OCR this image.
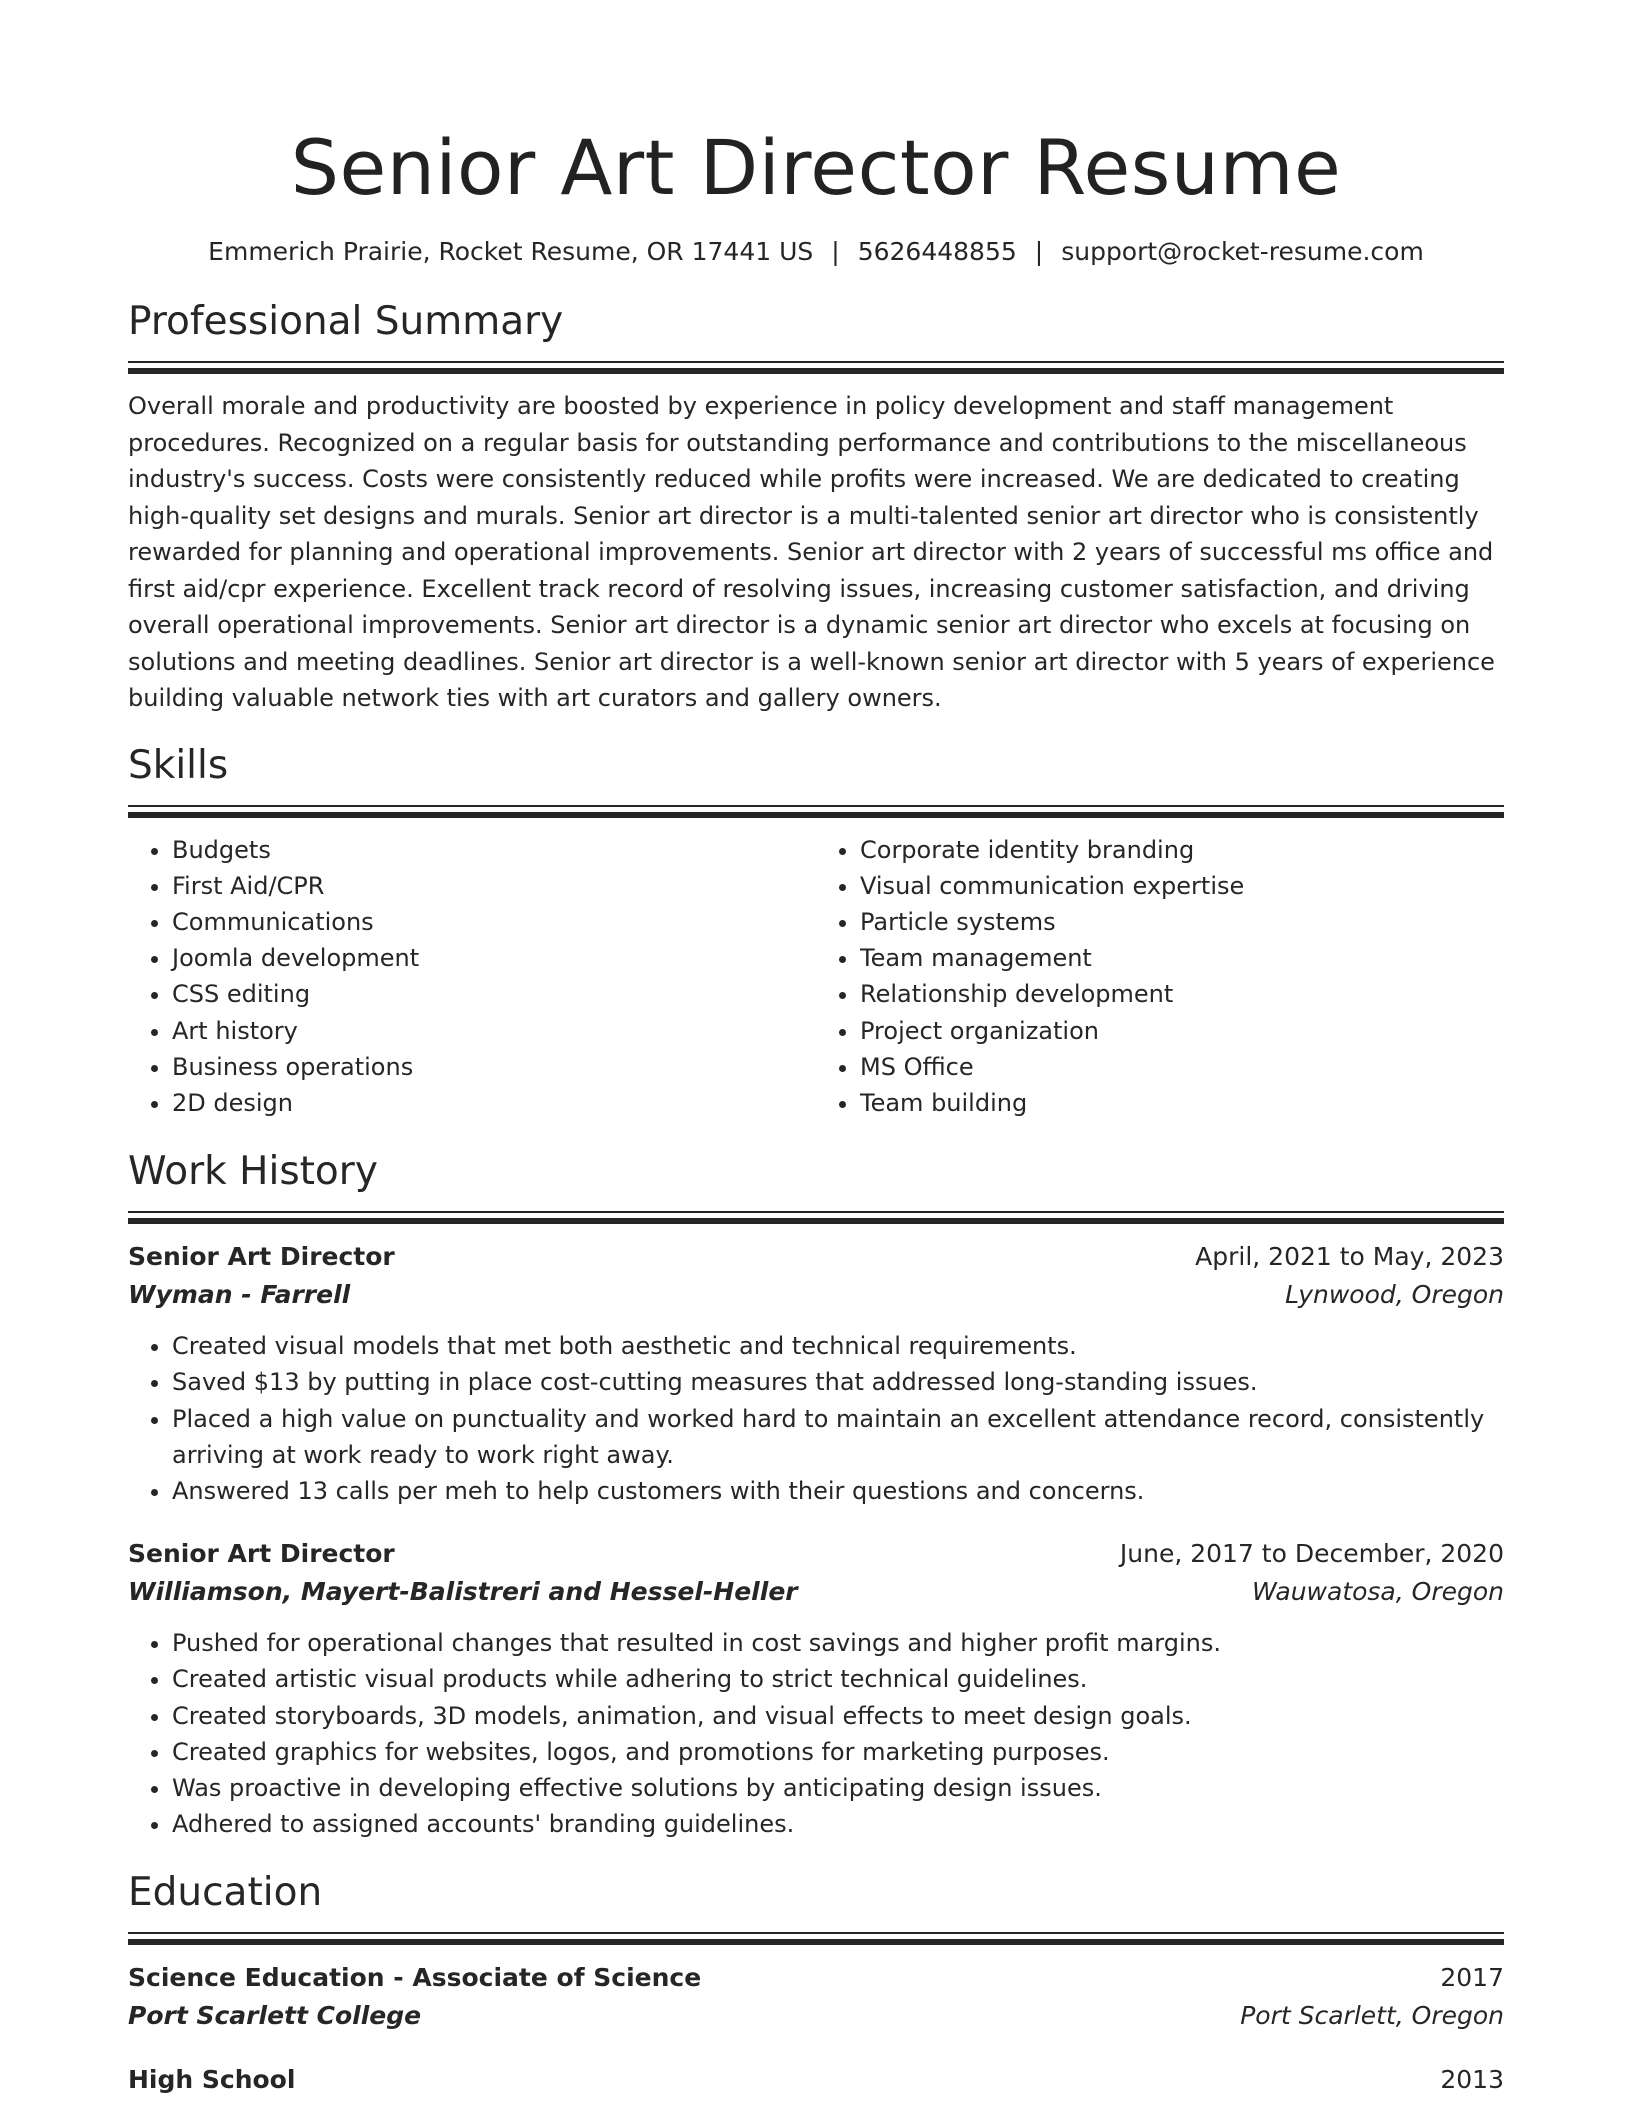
Senior Art Director Resume
Emmerich Prairie, Rocket Resume, OR 17441 US | 5626448855 | support@rocket-resume.com
Professional Summary
Overall morale and productivity are boosted by experience in policy development and staff management procedures. Recognized on a regular basis for outstanding performance and contributions to the miscellaneous industry's success. Costs were consistently reduced while profits were increased. We are dedicated to creating high-quality set designs and murals. Senior art director is a multi-talented senior art director who is consistently rewarded for planning and operational improvements. Senior art director with 2 years of successful ms office and first aid/cpr experience. Excellent track record of resolving issues, increasing customer satisfaction, and driving overall operational improvements. Senior art director is a dynamic senior art director who excels at focusing on solutions and meeting deadlines. Senior art director is a well-known senior art director with 5 years of experience building valuable network ties with art curators and gallery owners.
Skills
• Budgets
• First Aid/CPR
• Communications
• Joomla development
• CSS editing
• Art history
• Business operations
• 2D design
• Corporate identity branding
• Visual communication expertise
• Particle systems
• Team management
• Relationship development
• Project organization
• MS Office
• Team building
Work History
Senior Art Director	April, 2021 to May, 2023
Wyman - Farrell	Lynwood, Oregon
• Created visual models that met both aesthetic and technical requirements.
• Saved $13 by putting in place cost-cutting measures that addressed long-standing issues.
• Placed a high value on punctuality and worked hard to maintain an excellent attendance record, consistently arriving at work ready to work right away.
• Answered 13 calls per meh to help customers with their questions and concerns.
Senior Art Director	June, 2017 to December, 2020
Williamson, Mayert-Balistreri and Hessel-Heller	Wauwatosa, Oregon
• Pushed for operational changes that resulted in cost savings and higher profit margins.
• Created artistic visual products while adhering to strict technical guidelines.
• Created storyboards, 3D models, animation, and visual effects to meet design goals.
• Created graphics for websites, logos, and promotions for marketing purposes.
• Was proactive in developing effective solutions by anticipating design issues.
• Adhered to assigned accounts' branding guidelines.
Education
Science Education - Associate of Science	2017
Port Scarlett College	Port Scarlett, Oregon
High School	2013
